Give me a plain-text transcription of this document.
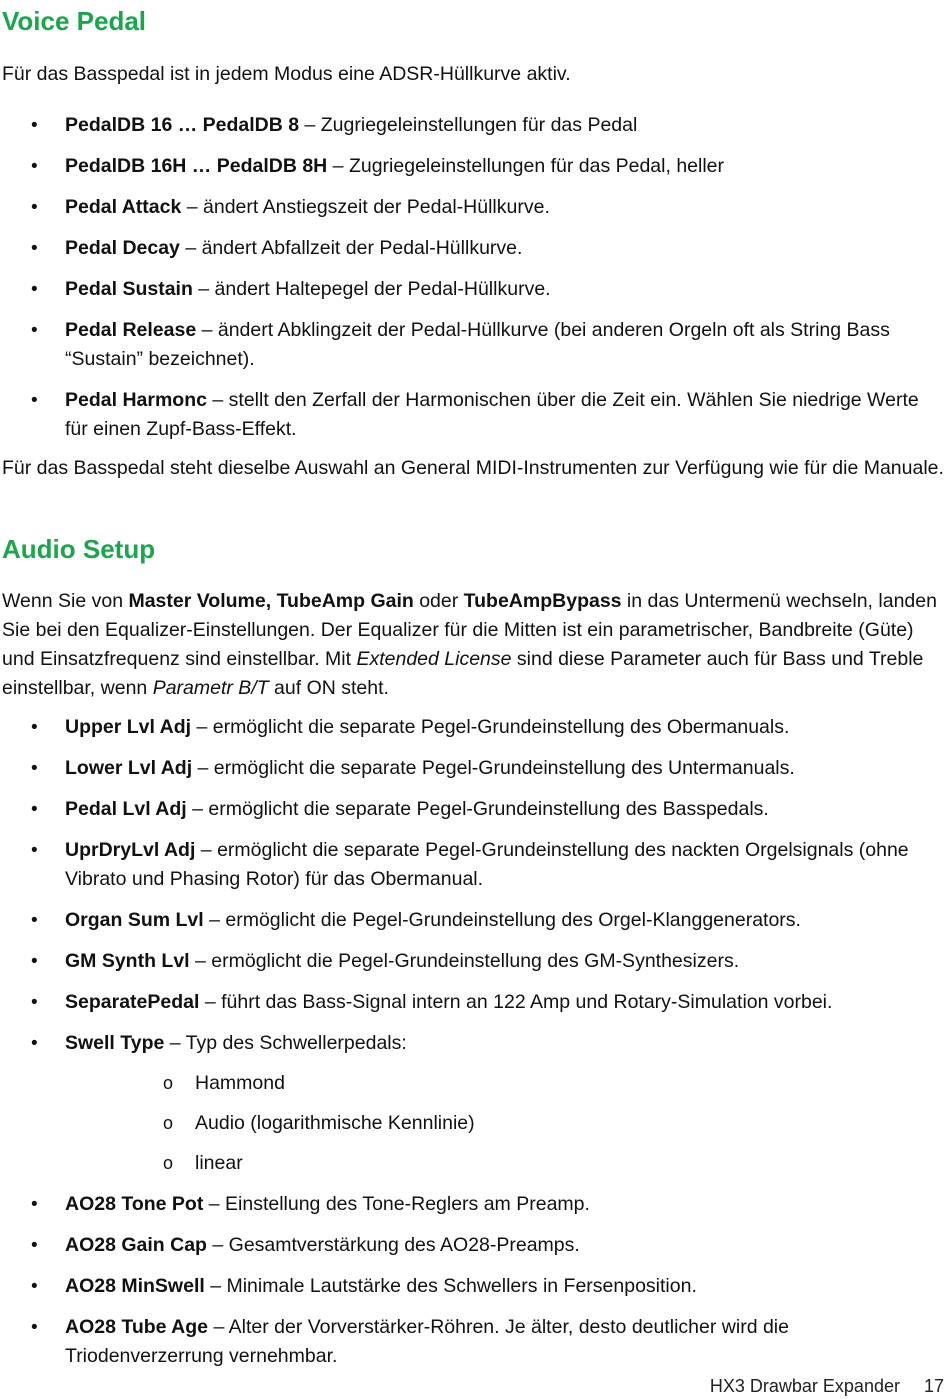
Voice Pedal

Für das Basspedal ist in jedem Modus eine ADSR-Hüllkurve aktiv.

• PedalDB 16 … PedalDB 8 – Zugriegeleinstellungen für das Pedal
• PedalDB 16H … PedalDB 8H – Zugriegeleinstellungen für das Pedal, heller
• Pedal Attack – ändert Anstiegszeit der Pedal-Hüllkurve.
• Pedal Decay – ändert Abfallzeit der Pedal-Hüllkurve.
• Pedal Sustain – ändert Haltepegel der Pedal-Hüllkurve.
• Pedal Release – ändert Abklingzeit der Pedal-Hüllkurve (bei anderen Orgeln oft als String Bass “Sustain” bezeichnet).
• Pedal Harmonc – stellt den Zerfall der Harmonischen über die Zeit ein. Wählen Sie niedrige Werte für einen Zupf-Bass-Effekt.

Für das Basspedal steht dieselbe Auswahl an General MIDI-Instrumenten zur Verfügung wie für die Manuale.

Audio Setup

Wenn Sie von Master Volume, TubeAmp Gain oder TubeAmpBypass in das Untermenü wechseln, landen Sie bei den Equalizer-Einstellungen. Der Equalizer für die Mitten ist ein parametrischer, Bandbreite (Güte) und Einsatzfrequenz sind einstellbar. Mit Extended License sind diese Parameter auch für Bass und Treble einstellbar, wenn Parametr B/T auf ON steht.

• Upper Lvl Adj – ermöglicht die separate Pegel-Grundeinstellung des Obermanuals.
• Lower Lvl Adj – ermöglicht die separate Pegel-Grundeinstellung des Untermanuals.
• Pedal Lvl Adj – ermöglicht die separate Pegel-Grundeinstellung des Basspedals.
• UprDryLvl Adj – ermöglicht die separate Pegel-Grundeinstellung des nackten Orgelsignals (ohne Vibrato und Phasing Rotor) für das Obermanual.
• Organ Sum Lvl – ermöglicht die Pegel-Grundeinstellung des Orgel-Klanggenerators.
• GM Synth Lvl – ermöglicht die Pegel-Grundeinstellung des GM-Synthesizers.
• SeparatePedal – führt das Bass-Signal intern an 122 Amp und Rotary-Simulation vorbei.
• Swell Type – Typ des Schwellerpedals:
o Hammond
o Audio (logarithmische Kennlinie)
o linear
• AO28 Tone Pot – Einstellung des Tone-Reglers am Preamp.
• AO28 Gain Cap – Gesamtverstärkung des AO28-Preamps.
• AO28 MinSwell – Minimale Lautstärke des Schwellers in Fersenposition.
• AO28 Tube Age – Alter der Vorverstärker-Röhren. Je älter, desto deutlicher wird die Triodenverzerrung vernehmbar.
HX3 Drawbar Expander 17
